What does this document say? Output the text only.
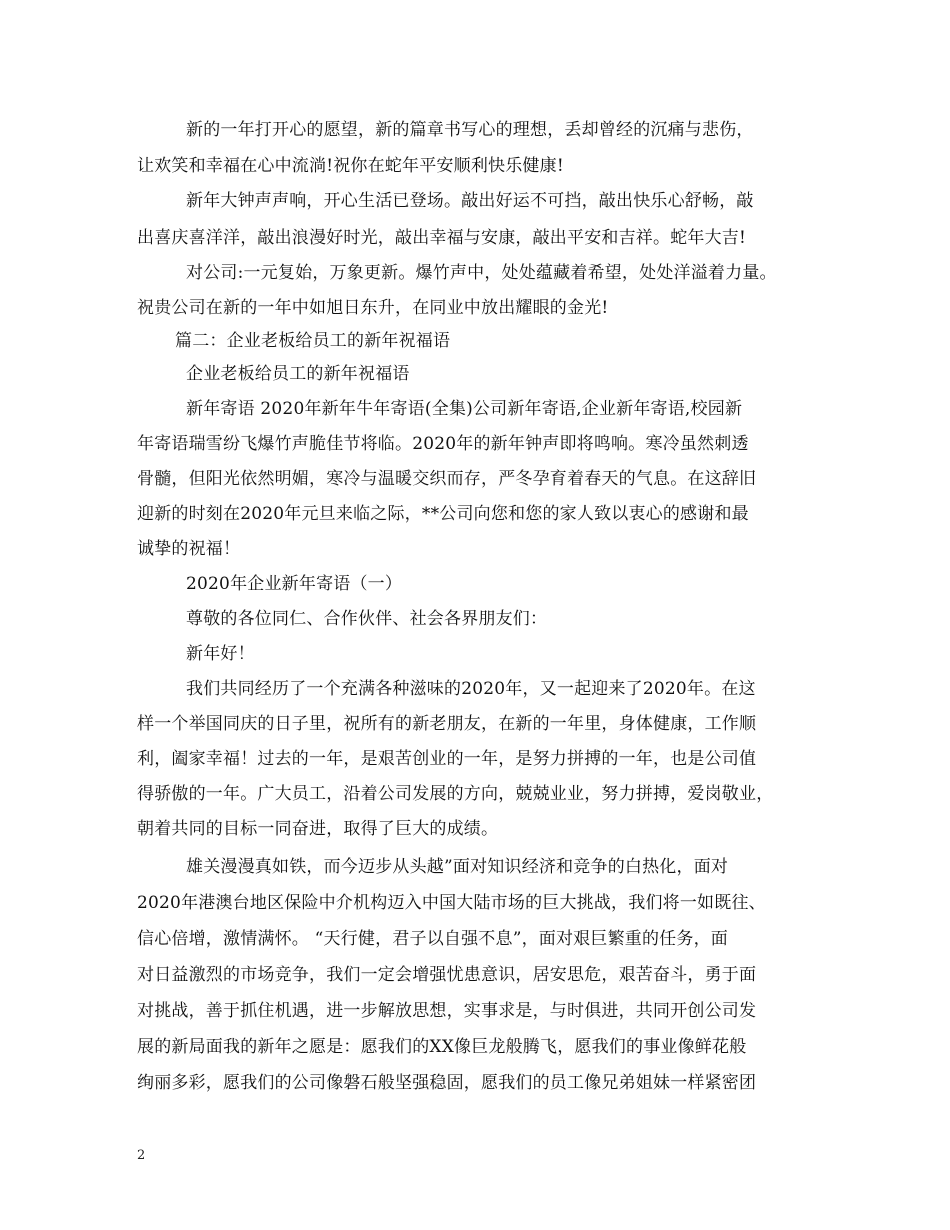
新的一年打开心的愿望，新的篇章书写心的理想，丢却曾经的沉痛与悲伤，
让欢笑和幸福在心中流淌!祝你在蛇年平安顺利快乐健康!
新年大钟声声响，开心生活已登场。敲出好运不可挡，敲出快乐心舒畅，敲
出喜庆喜洋洋，敲出浪漫好时光，敲出幸福与安康，敲出平安和吉祥。蛇年大吉!
对公司:一元复始，万象更新。爆竹声中，处处蕴藏着希望，处处洋溢着力量。
祝贵公司在新的一年中如旭日东升，在同业中放出耀眼的金光!
篇二：企业老板给员工的新年祝福语
企业老板给员工的新年祝福语
新年寄语 2020年新年牛年寄语(全集)公司新年寄语,企业新年寄语,校园新
年寄语瑞雪纷飞爆竹声脆佳节将临。2020年的新年钟声即将鸣响。寒冷虽然刺透
骨髓，但阳光依然明媚，寒冷与温暖交织而存，严冬孕育着春天的气息。在这辞旧
迎新的时刻在2020年元旦来临之际，**公司向您和您的家人致以衷心的感谢和最
诚挚的祝福！
2020年企业新年寄语（一）
尊敬的各位同仁、合作伙伴、社会各界朋友们：
新年好！
我们共同经历了一个充满各种滋味的2020年，又一起迎来了2020年。在这
样一个举国同庆的日子里，祝所有的新老朋友，在新的一年里，身体健康，工作顺
利，阖家幸福！过去的一年，是艰苦创业的一年，是努力拼搏的一年，也是公司值
得骄傲的一年。广大员工，沿着公司发展的方向，兢兢业业，努力拼搏，爱岗敬业，
朝着共同的目标一同奋进，取得了巨大的成绩。
雄关漫漫真如铁，而今迈步从头越”面对知识经济和竞争的白热化，面对
2020年港澳台地区保险中介机构迈入中国大陆市场的巨大挑战，我们将一如既往、
信心倍增，激情满怀。 “天行健，君子以自强不息”，面对艰巨繁重的任务，面
对日益激烈的市场竞争，我们一定会增强忧患意识，居安思危，艰苦奋斗，勇于面
对挑战，善于抓住机遇，进一步解放思想，实事求是，与时俱进，共同开创公司发
展的新局面我的新年之愿是：愿我们的XX像巨龙般腾飞，愿我们的事业像鲜花般
绚丽多彩，愿我们的公司像磐石般坚强稳固，愿我们的员工像兄弟姐妹一样紧密团
2
